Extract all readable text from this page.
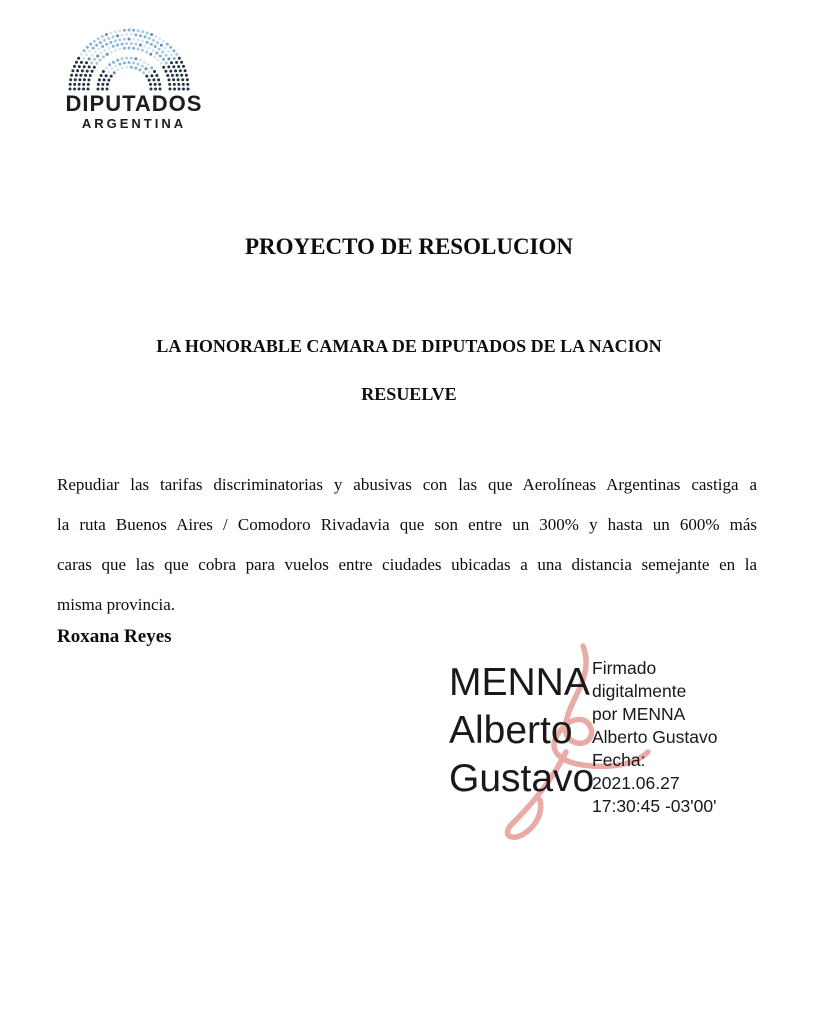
DIPUTADOS
ARGENTINA
PROYECTO DE RESOLUCION
LA HONORABLE CAMARA DE DIPUTADOS DE LA NACION
RESUELVE
Repudiar las tarifas discriminatorias y abusivas con las que Aerolíneas Argentinas castiga a
la ruta Buenos Aires / Comodoro Rivadavia que son entre un 300% y hasta un 600% más
caras que las que cobra para vuelos entre ciudades ubicadas a una distancia semejante en la
misma provincia.
Roxana Reyes
MENNA
Alberto
Gustavo
Firmado
digitalmente
por MENNA
Alberto Gustavo
Fecha:
2021.06.27
17:30:45 -03'00'
